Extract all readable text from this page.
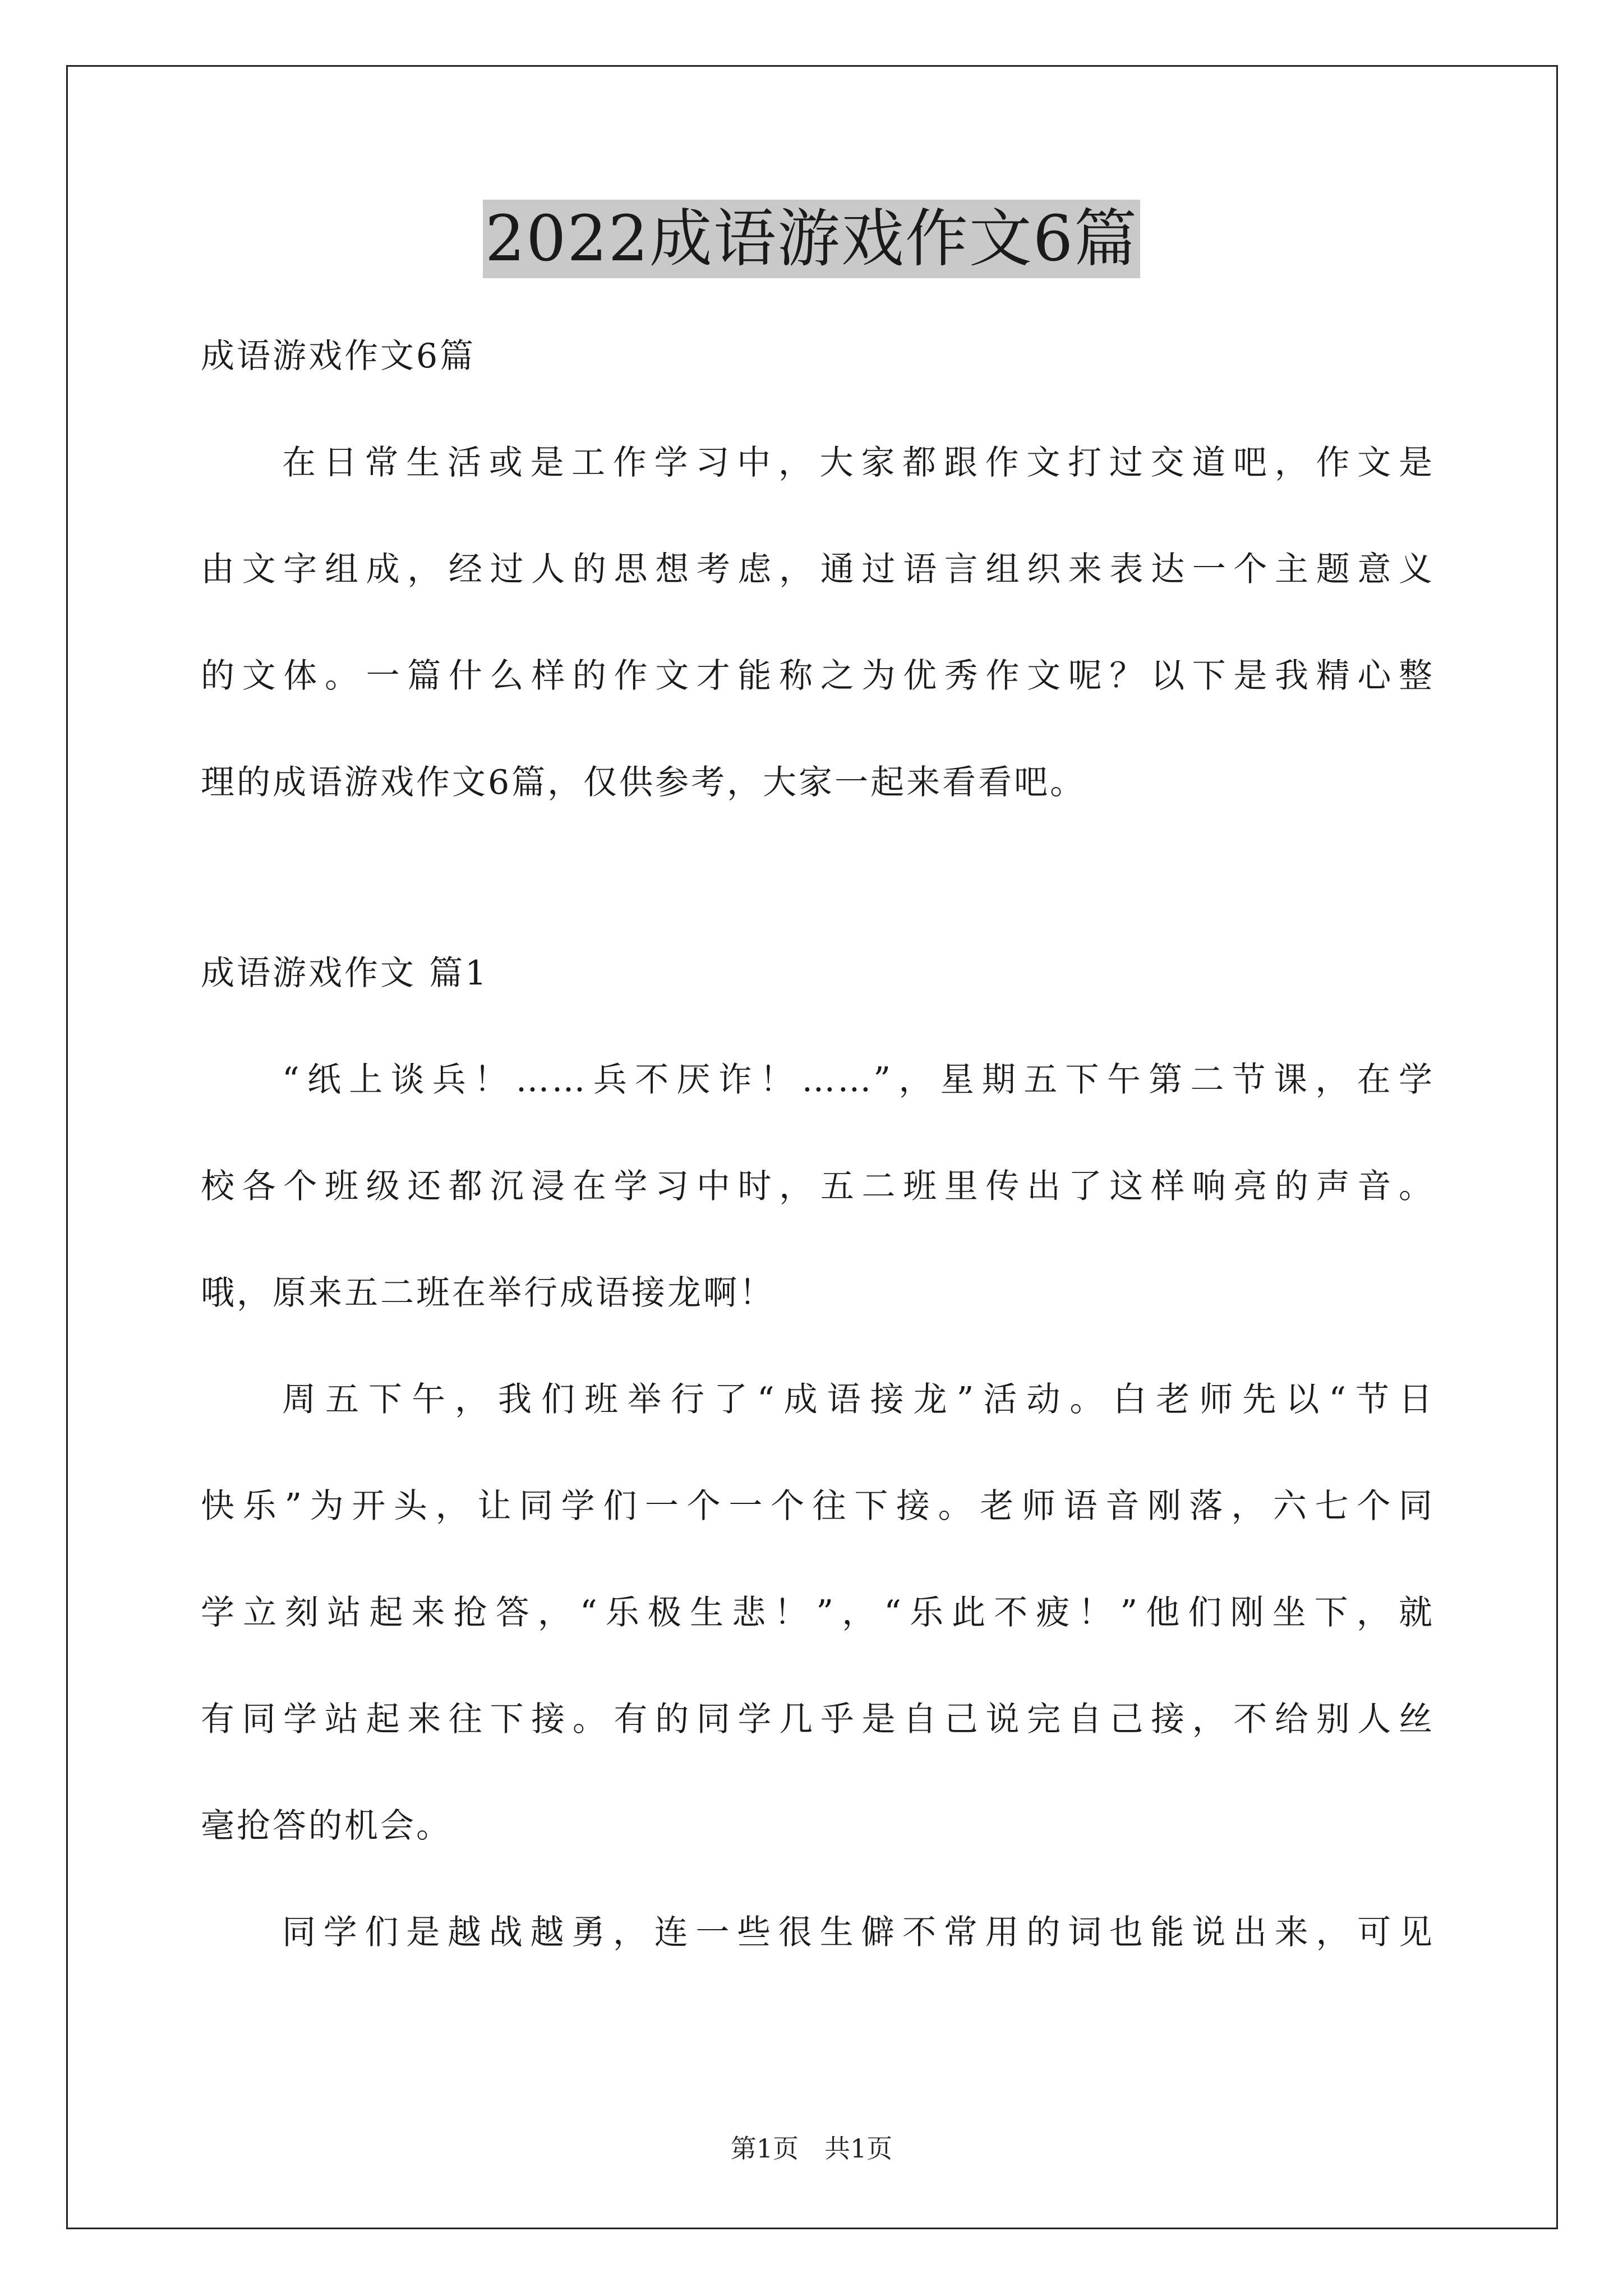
2022成语游戏作文6篇
成语游戏作文6篇
在日常生活或是工作学习中，大家都跟作文打过交道吧，作文是
由文字组成，经过人的思想考虑，通过语言组织来表达一个主题意义
的文体。一篇什么样的作文才能称之为优秀作文呢？以下是我精心整
理的成语游戏作文6篇，仅供参考，大家一起来看看吧。
成语游戏作文 篇1
“纸上谈兵！……兵不厌诈！……”，星期五下午第二节课，在学
校各个班级还都沉浸在学习中时，五二班里传出了这样响亮的声音。
哦，原来五二班在举行成语接龙啊！
周五下午，我们班举行了“成语接龙”活动。白老师先以“节日
快乐”为开头，让同学们一个一个往下接。老师语音刚落，六七个同
学立刻站起来抢答，“乐极生悲！”，“乐此不疲！”他们刚坐下，就
有同学站起来往下接。有的同学几乎是自己说完自己接，不给别人丝
毫抢答的机会。
同学们是越战越勇，连一些很生僻不常用的词也能说出来，可见
第1页　共1页
